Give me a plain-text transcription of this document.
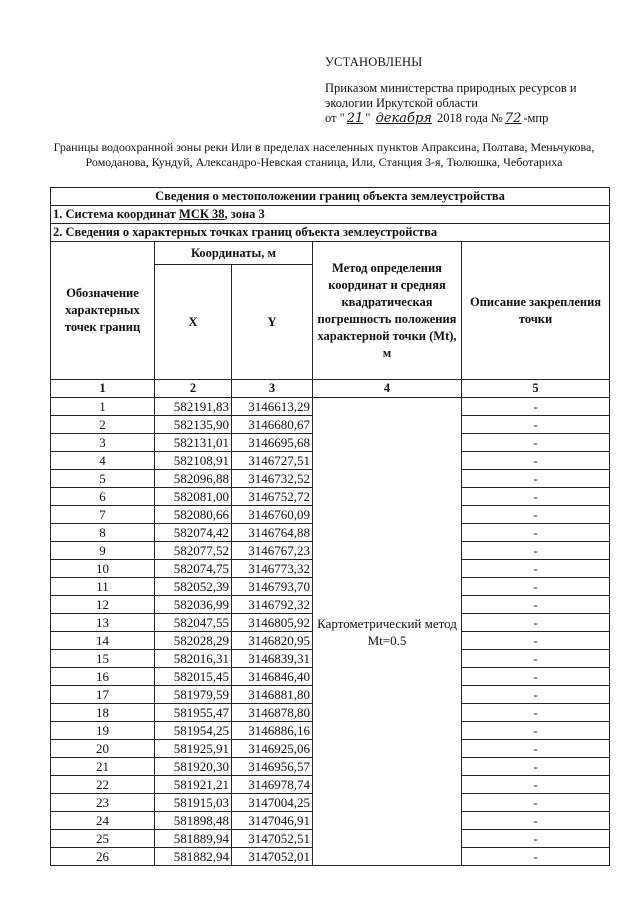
УСТАНОВЛЕНЫ
Приказом министерства природных ресурсов и
экологии Иркутской области
от " 21 " декабря 2018 года № 72 -мпр
Границы водоохранной зоны реки Или в пределах населенных пунктов Апраксина, Полтава, Меньчукова, Ромоданова, Кундуй, Александро-Невская станица, Или, Станция 3-я, Тюлюшка, Чеботариха
Сведения о местоположении границ объекта землеустройства				
1. Система координат МСК 38, зона 3				
2. Сведения о характерных точках границ объекта землеустройства				
Обозначение характерных точек границ	Координаты, м		Метод определения координат и средняя квадратическая погрешность положения характерной точки (Mt), м	Описание закрепления точки
	X	Y		
1	2	3	4	5
1	582191,83	3146613,29	Картометрический метод Mt=0.5	-
2	582135,90	3146680,67		-
3	582131,01	3146695,68		-
4	582108,91	3146727,51		-
5	582096,88	3146732,52		-
6	582081,00	3146752,72		-
7	582080,66	3146760,09		-
8	582074,42	3146764,88		-
9	582077,52	3146767,23		-
10	582074,75	3146773,32		-
11	582052,39	3146793,70		-
12	582036,99	3146792,32		-
13	582047,55	3146805,92		-
14	582028,29	3146820,95		-
15	582016,31	3146839,31		-
16	582015,45	3146846,40		-
17	581979,59	3146881,80		-
18	581955,47	3146878,80		-
19	581954,25	3146886,16		-
20	581925,91	3146925,06		-
21	581920,30	3146956,57		-
22	581921,21	3146978,74		-
23	581915,03	3147004,25		-
24	581898,48	3147046,91		-
25	581889,94	3147052,51		-
26	581882,94	3147052,01		-
